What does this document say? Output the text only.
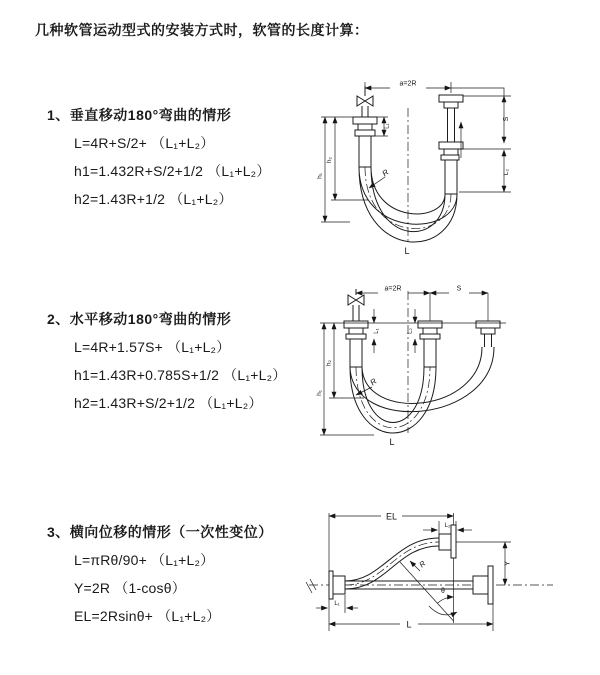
几种软管运动型式的安装方式时，软管的长度计算：
1、垂直移动180°弯曲的情形
L=4R+S/2+ （L₁+L₂）
h1=1.432R+S/2+1/2 （L₁+L₂）
h2=1.43R+1/2 （L₁+L₂）
2、水平移动180°弯曲的情形
L=4R+1.57S+ （L₁+L₂）
h1=1.43R+0.785S+1/2 （L₁+L₂）
h2=1.43R+S/2+1/2 （L₁+L₂）
3、横向位移的情形（一次性变位）
L=πRθ/90+ （L₁+L₂）
Y=2R （1-cosθ）
EL=2Rsinθ+ （L₁+L₂）
a=2R
S
L₂
h₂
h₁
L₁
R
L
a=2R	S
L₁	L₂
h₂
h₁
R
L
EL
L₂
Y
R
θ
L₁
L
